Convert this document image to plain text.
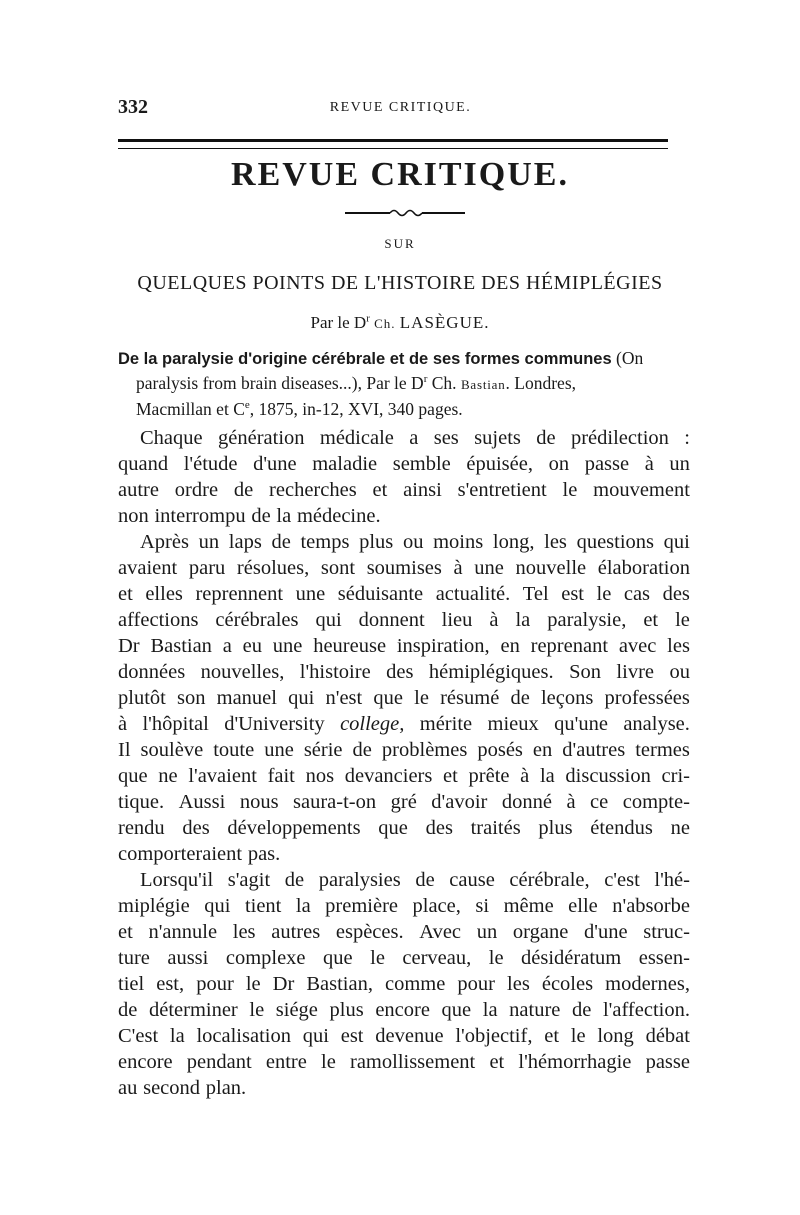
332	REVUE CRITIQUE.
REVUE CRITIQUE.
SUR
QUELQUES POINTS DE L'HISTOIRE DES HÉMIPLÉGIES
Par le $D^r$ Ch. LASÈGUE.
De la paralysie d'origine cérébrale et de ses formes communes (On
paralysis from brain diseases...), Par le $D^r$ Ch. Bastian. Londres,
Macmillan et Ce, 1875, in-12, XVI, 340 pages.
Chaque génération médicale a ses sujets de prédilection :
quand l'étude d'une maladie semble épuisée, on passe à un
autre ordre de recherches et ainsi s'entretient le mouvement
non interrompu de la médecine.
Après un laps de temps plus ou moins long, les questions qui
avaient paru résolues, sont soumises à une nouvelle élaboration
et elles reprennent une séduisante actualité. Tel est le cas des
affections cérébrales qui donnent lieu à la paralysie, et le
Dr Bastian a eu une heureuse inspiration, en reprenant avec les
données nouvelles, l'histoire des hémiplégiques. Son livre ou
plutôt son manuel qui n'est que le résumé de leçons professées
à l'hôpital d'University college, mérite mieux qu'une analyse.
Il soulève toute une série de problèmes posés en d'autres termes
que ne l'avaient fait nos devanciers et prête à la discussion cri-
tique. Aussi nous saura-t-on gré d'avoir donné à ce compte-
rendu des développements que des traités plus étendus ne
comporteraient pas.
Lorsqu'il s'agit de paralysies de cause cérébrale, c'est l'hé-
miplégie qui tient la première place, si même elle n'absorbe
et n'annule les autres espèces. Avec un organe d'une struc-
ture aussi complexe que le cerveau, le désidératum essen-
tiel est, pour le Dr Bastian, comme pour les écoles modernes,
de déterminer le siége plus encore que la nature de l'affection.
C'est la localisation qui est devenue l'objectif, et le long débat
encore pendant entre le ramollissement et l'hémorrhagie passe
au second plan.
